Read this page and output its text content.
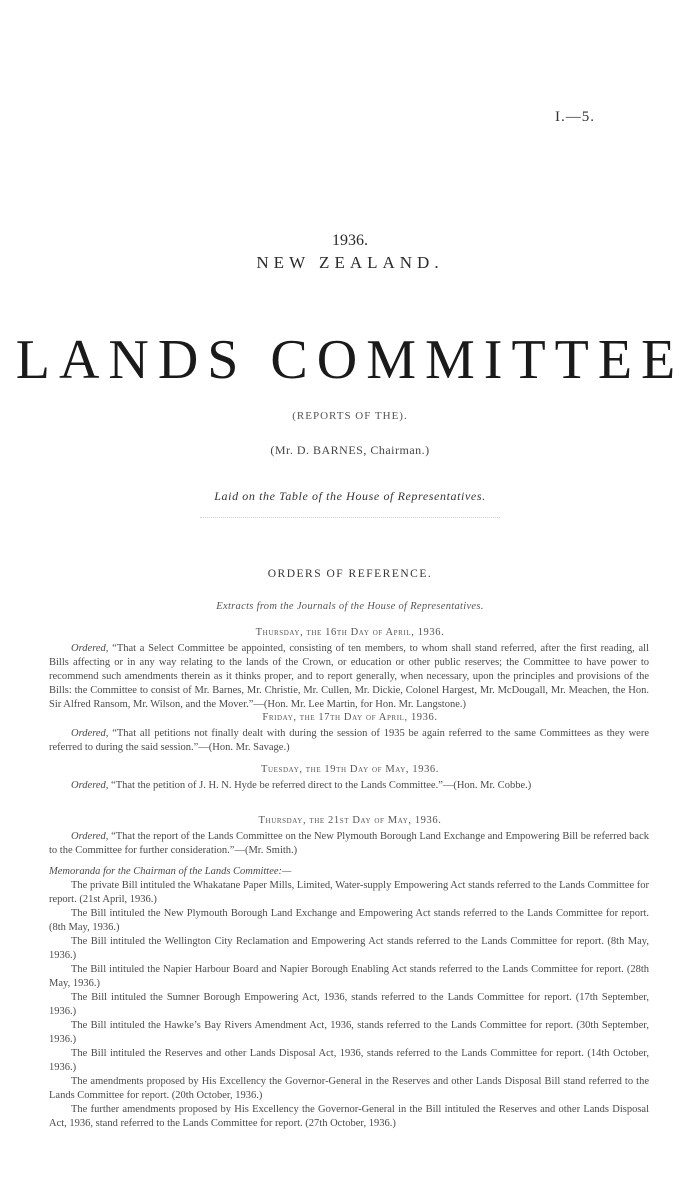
I.—5.
1936.
NEW ZEALAND.
LANDS COMMITTEE
(REPORTS OF THE).
(Mr. D. BARNES, Chairman.)
Laid on the Table of the House of Representatives.
ORDERS OF REFERENCE.
Extracts from the Journals of the House of Representatives.
Thursday, the 16th Day of April, 1936.

Ordered, “That a Select Committee be appointed, consisting of ten members, to whom shall stand referred, after the first reading, all Bills affecting or in any way relating to the lands of the Crown, or education or other public reserves; the Committee to have power to recommend such amendments therein as it thinks proper, and to report generally, when necessary, upon the principles and provisions of the Bills: the Committee to consist of Mr. Barnes, Mr. Christie, Mr. Cullen, Mr. Dickie, Colonel Hargest, Mr. McDougall, Mr. Meachen, the Hon. Sir Alfred Ransom, Mr. Wilson, and the Mover.”—(Hon. Mr. Lee Martin, for Hon. Mr. Langstone.)

Friday, the 17th Day of April, 1936.

Ordered, “That all petitions not finally dealt with during the session of 1935 be again referred to the same Committees as they were referred to during the said session.”—(Hon. Mr. Savage.)

Tuesday, the 19th Day of May, 1936.

Ordered, “That the petition of J. H. N. Hyde be referred direct to the Lands Committee.”—(Hon. Mr. Cobbe.)

Thursday, the 21st Day of May, 1936.

Ordered, “That the report of the Lands Committee on the New Plymouth Borough Land Exchange and Empowering Bill be referred back to the Committee for further consideration.”—(Mr. Smith.)

Memoranda for the Chairman of the Lands Committee:—

The private Bill intituled the Whakatane Paper Mills, Limited, Water-supply Empowering Act stands referred to the Lands Committee for report. (21st April, 1936.)

The Bill intituled the New Plymouth Borough Land Exchange and Empowering Act stands referred to the Lands Committee for report. (8th May, 1936.)

The Bill intituled the Wellington City Reclamation and Empowering Act stands referred to the Lands Committee for report. (8th May, 1936.)

The Bill intituled the Napier Harbour Board and Napier Borough Enabling Act stands referred to the Lands Committee for report. (28th May, 1936.)

The Bill intituled the Sumner Borough Empowering Act, 1936, stands referred to the Lands Committee for report. (17th September, 1936.)

The Bill intituled the Hawke’s Bay Rivers Amendment Act, 1936, stands referred to the Lands Committee for report. (30th September, 1936.)

The Bill intituled the Reserves and other Lands Disposal Act, 1936, stands referred to the Lands Committee for report. (14th October, 1936.)

The amendments proposed by His Excellency the Governor-General in the Reserves and other Lands Disposal Bill stand referred to the Lands Committee for report. (20th October, 1936.)

The further amendments proposed by His Excellency the Governor-General in the Bill intituled the Reserves and other Lands Disposal Act, 1936, stand referred to the Lands Committee for report. (27th October, 1936.)
